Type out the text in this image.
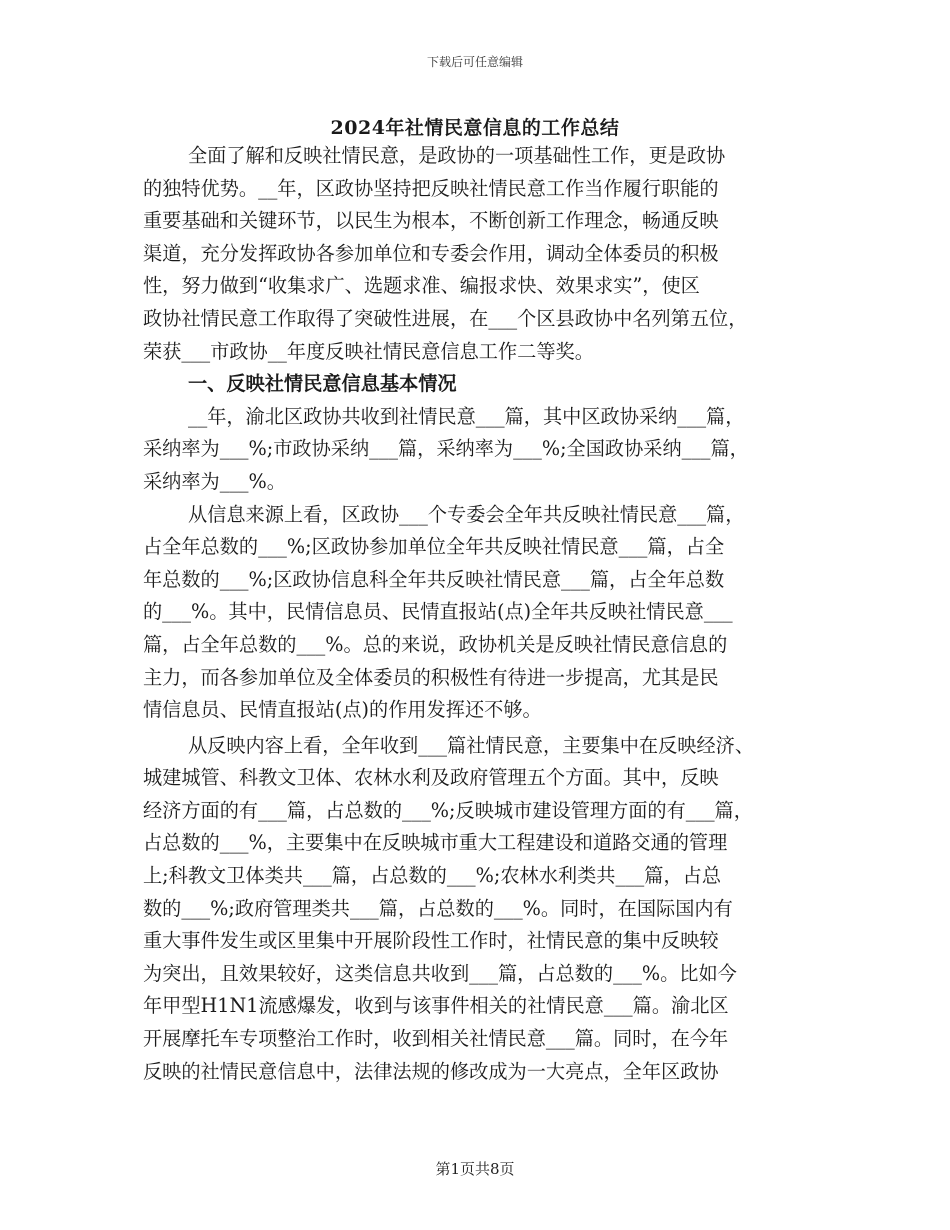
下载后可任意编辑
2024年社情民意信息的工作总结
全面了解和反映社情民意，是政协的一项基础性工作，更是政协
的独特优势。__年，区政协坚持把反映社情民意工作当作履行职能的
重要基础和关键环节，以民生为根本，不断创新工作理念，畅通反映
渠道，充分发挥政协各参加单位和专委会作用，调动全体委员的积极
性，努力做到“收集求广、选题求准、编报求快、效果求实”，使区
政协社情民意工作取得了突破性进展，在___个区县政协中名列第五位，
荣获___市政协__年度反映社情民意信息工作二等奖。
一、反映社情民意信息基本情况
__年，渝北区政协共收到社情民意___篇，其中区政协采纳___篇，
采纳率为___%;市政协采纳___篇，采纳率为___%;全国政协采纳___篇，
采纳率为___%。
从信息来源上看，区政协___个专委会全年共反映社情民意___篇，
占全年总数的___%;区政协参加单位全年共反映社情民意___篇，占全
年总数的___%;区政协信息科全年共反映社情民意___篇，占全年总数
的___%。其中，民情信息员、民情直报站(点)全年共反映社情民意___
篇，占全年总数的___%。总的来说，政协机关是反映社情民意信息的
主力，而各参加单位及全体委员的积极性有待进一步提高，尤其是民
情信息员、民情直报站(点)的作用发挥还不够。
从反映内容上看，全年收到___篇社情民意，主要集中在反映经济、
城建城管、科教文卫体、农林水利及政府管理五个方面。其中，反映
经济方面的有___篇，占总数的___%;反映城市建设管理方面的有___篇，
占总数的___%，主要集中在反映城市重大工程建设和道路交通的管理
上;科教文卫体类共___篇，占总数的___%;农林水利类共___篇，占总
数的___%;政府管理类共___篇，占总数的___%。同时，在国际国内有
重大事件发生或区里集中开展阶段性工作时，社情民意的集中反映较
为突出，且效果较好，这类信息共收到___篇，占总数的___%。比如今
年甲型H1N1流感爆发，收到与该事件相关的社情民意___篇。渝北区
开展摩托车专项整治工作时，收到相关社情民意___篇。同时，在今年
反映的社情民意信息中，法律法规的修改成为一大亮点，全年区政协
第1页共8页
